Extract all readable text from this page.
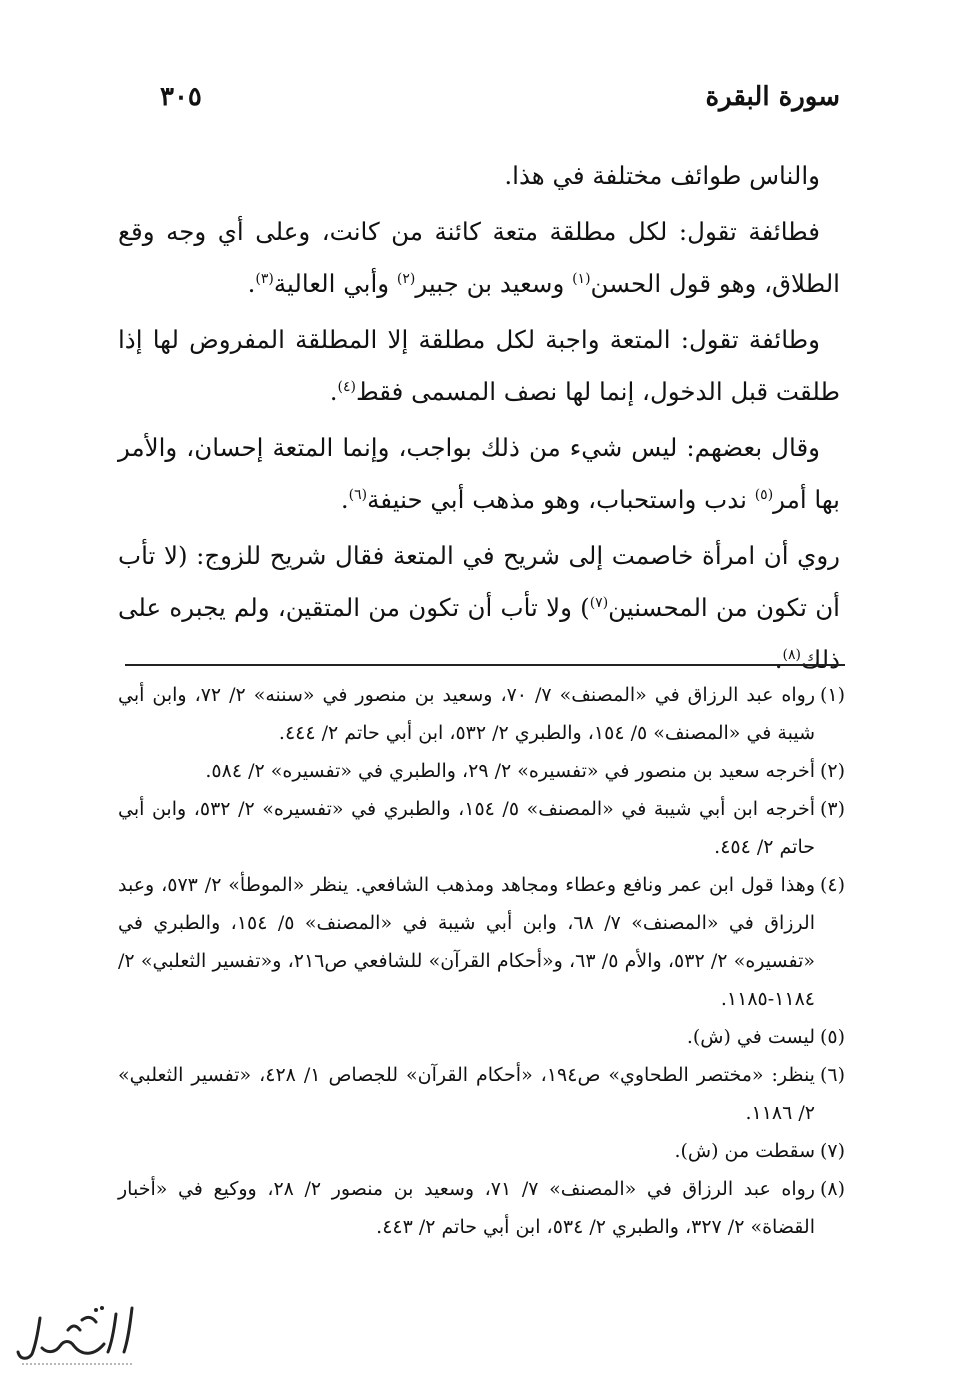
سورة البقرة
٣٠٥

والناس طوائف مختلفة في هذا.

فطائفة تقول: لكل مطلقة متعة كائنة من كانت، وعلى أي وجه وقع الطلاق، وهو قول الحسن$^{(١)}$ وسعيد بن جبير$^{(٢)}$ وأبي العالية$^{(٣)}$.

وطائفة تقول: المتعة واجبة لكل مطلقة إلا المطلقة المفروض لها إذا طلقت قبل الدخول، إنما لها نصف المسمى فقط$^{(٤)}$.

وقال بعضهم: ليس شيء من ذلك بواجب، وإنما المتعة إحسان، والأمر بها أمر$^{(٥)}$ ندب واستحباب، وهو مذهب أبي حنيفة$^{(٦)}$.

روي أن امرأة خاصمت إلى شريح في المتعة فقال شريح للزوج: (لا تأب أن تكون من المحسنين$^{(٧)}$) ولا تأب أن تكون من المتقين، ولم يجبره على ذلك$^{(٨)}$.

(١)
رواه عبد الرزاق في «المصنف» ٧/ ٧٠، وسعيد بن منصور في «سننه» ٢/ ٧٢، وابن أبي شيبة في «المصنف» ٥/ ١٥٤، والطبري ٢/ ٥٣٢، ابن أبي حاتم ٢/ ٤٤٤.

(٢)
أخرجه سعيد بن منصور في «تفسيره» ٢/ ٢٩، والطبري في «تفسيره» ٢/ ٥٨٤.

(٣)
أخرجه ابن أبي شيبة في «المصنف» ٥/ ١٥٤، والطبري في «تفسيره» ٢/ ٥٣٢، وابن أبي حاتم ٢/ ٤٥٤.

(٤)
وهذا قول ابن عمر ونافع وعطاء ومجاهد ومذهب الشافعي. ينظر «الموطأ» ٢/ ٥٧٣، وعبد الرزاق في «المصنف» ٧/ ٦٨، وابن أبي شيبة في «المصنف» ٥/ ١٥٤، والطبري في «تفسيره» ٢/ ٥٣٢، والأم ٥/ ٦٣، و«أحكام القرآن» للشافعي ص٢١٦، و«تفسير الثعلبي» ٢/ ١١٨٤-١١٨٥.

(٥)
ليست في (ش).

(٦)
ينظر: «مختصر الطحاوي» ص١٩٤، «أحكام القرآن» للجصاص ١/ ٤٢٨، «تفسير الثعلبي» ٢/ ١١٨٦.

(٧)
سقطت من (ش).

(٨)
رواه عبد الرزاق في «المصنف» ٧/ ٧١، وسعيد بن منصور ٢/ ٢٨، ووكيع في «أخبار القضاة» ٢/ ٣٢٧، والطبري ٢/ ٥٣٤، ابن أبي حاتم ٢/ ٤٤٣.
